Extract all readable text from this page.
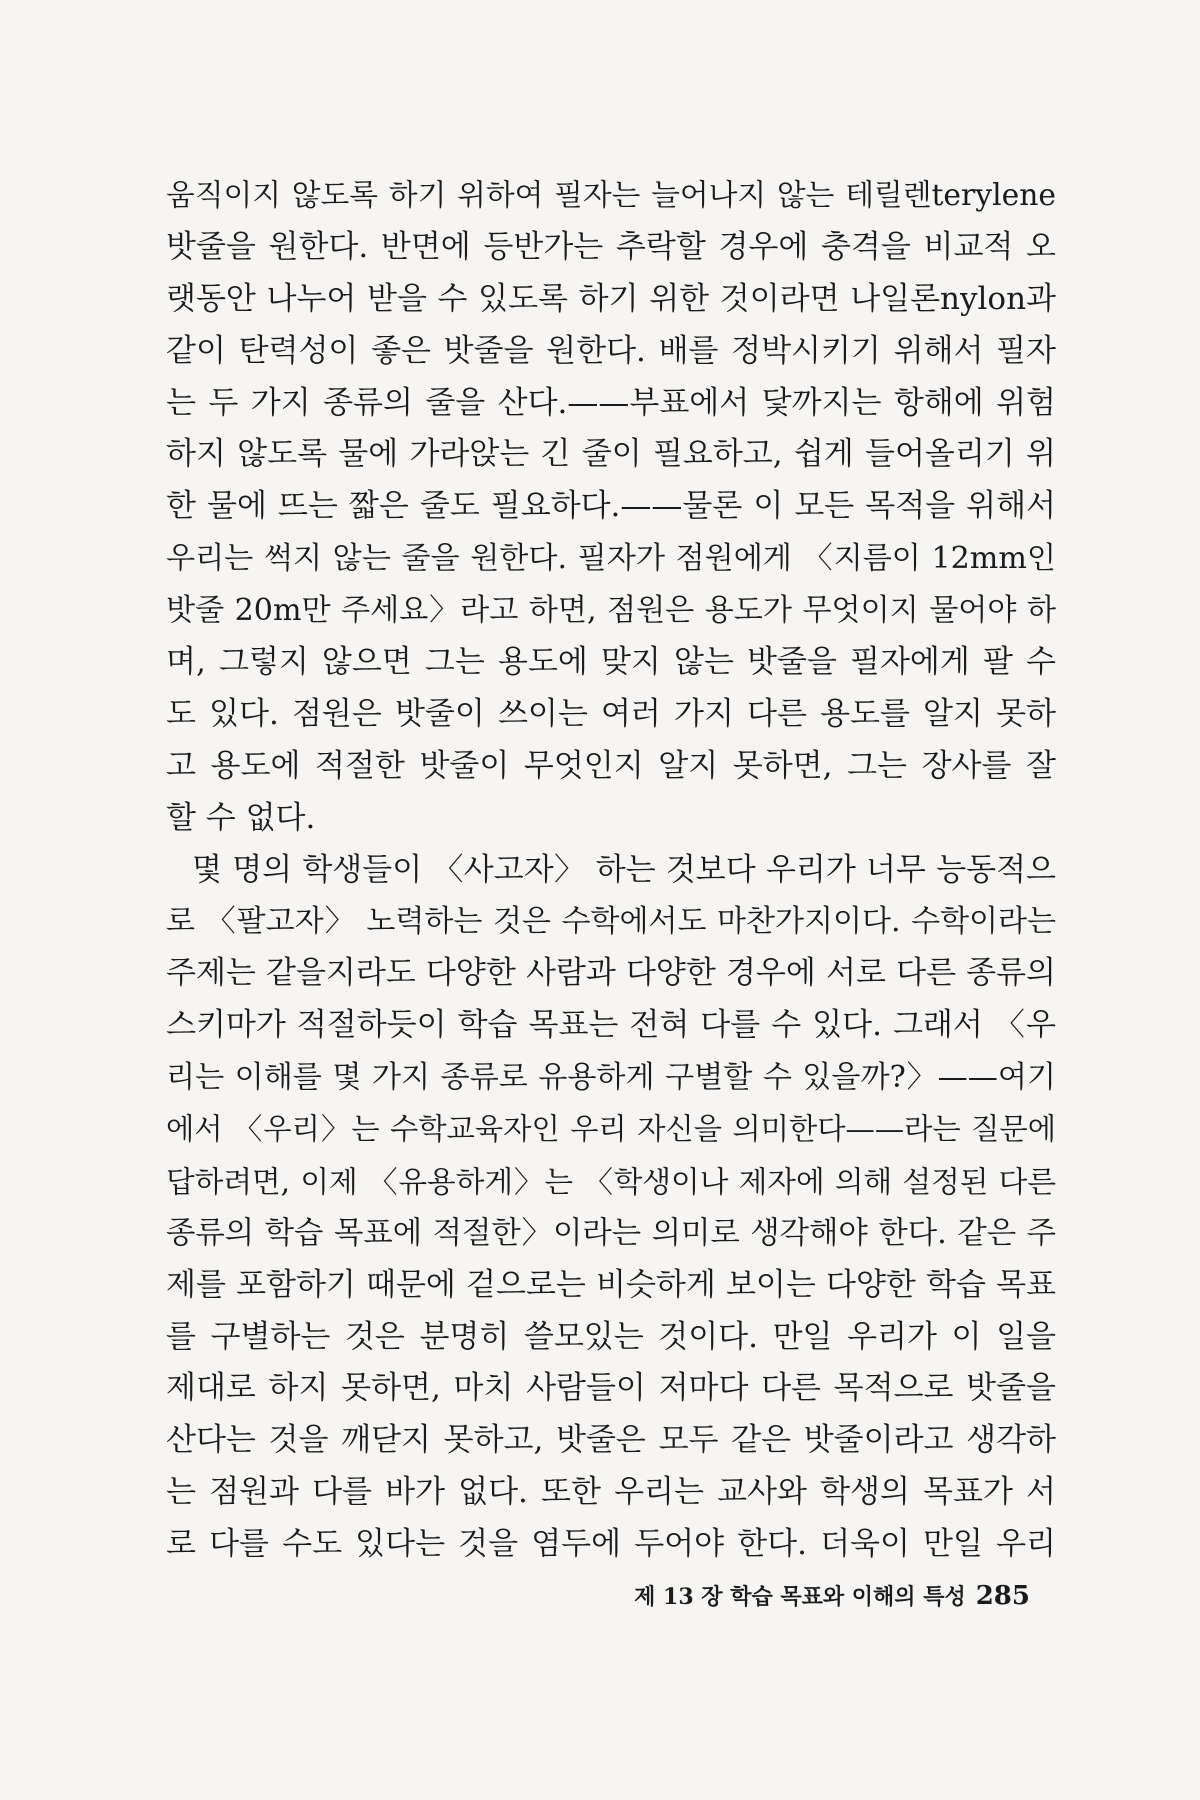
움직이지 않도록 하기 위하여 필자는 늘어나지 않는 테릴렌terylene
밧줄을 원한다. 반면에 등반가는 추락할 경우에 충격을 비교적 오
랫동안 나누어 받을 수 있도록 하기 위한 것이라면 나일론nylon과
같이 탄력성이 좋은 밧줄을 원한다. 배를 정박시키기 위해서 필자
는 두 가지 종류의 줄을 산다.——부표에서 닻까지는 항해에 위험
하지 않도록 물에 가라앉는 긴 줄이 필요하고, 쉽게 들어올리기 위
한 물에 뜨는 짧은 줄도 필요하다.——물론 이 모든 목적을 위해서
우리는 썩지 않는 줄을 원한다. 필자가 점원에게 〈지름이 12mm인
밧줄 20m만 주세요〉라고 하면, 점원은 용도가 무엇이지 물어야 하
며, 그렇지 않으면 그는 용도에 맞지 않는 밧줄을 필자에게 팔 수
도 있다. 점원은 밧줄이 쓰이는 여러 가지 다른 용도를 알지 못하
고 용도에 적절한 밧줄이 무엇인지 알지 못하면, 그는 장사를 잘
할 수 없다.
몇 명의 학생들이 〈사고자〉 하는 것보다 우리가 너무 능동적으
로 〈팔고자〉 노력하는 것은 수학에서도 마찬가지이다. 수학이라는
주제는 같을지라도 다양한 사람과 다양한 경우에 서로 다른 종류의
스키마가 적절하듯이 학습 목표는 전혀 다를 수 있다. 그래서 〈우
리는 이해를 몇 가지 종류로 유용하게 구별할 수 있을까?〉——여기
에서 〈우리〉는 수학교육자인 우리 자신을 의미한다——라는 질문에
답하려면, 이제 〈유용하게〉는 〈학생이나 제자에 의해 설정된 다른
종류의 학습 목표에 적절한〉이라는 의미로 생각해야 한다. 같은 주
제를 포함하기 때문에 겉으로는 비슷하게 보이는 다양한 학습 목표
를 구별하는 것은 분명히 쓸모있는 것이다. 만일 우리가 이 일을
제대로 하지 못하면, 마치 사람들이 저마다 다른 목적으로 밧줄을
산다는 것을 깨닫지 못하고, 밧줄은 모두 같은 밧줄이라고 생각하
는 점원과 다를 바가 없다. 또한 우리는 교사와 학생의 목표가 서
로 다를 수도 있다는 것을 염두에 두어야 한다. 더욱이 만일 우리
제 13 장 학습 목표와 이해의 특성 285
